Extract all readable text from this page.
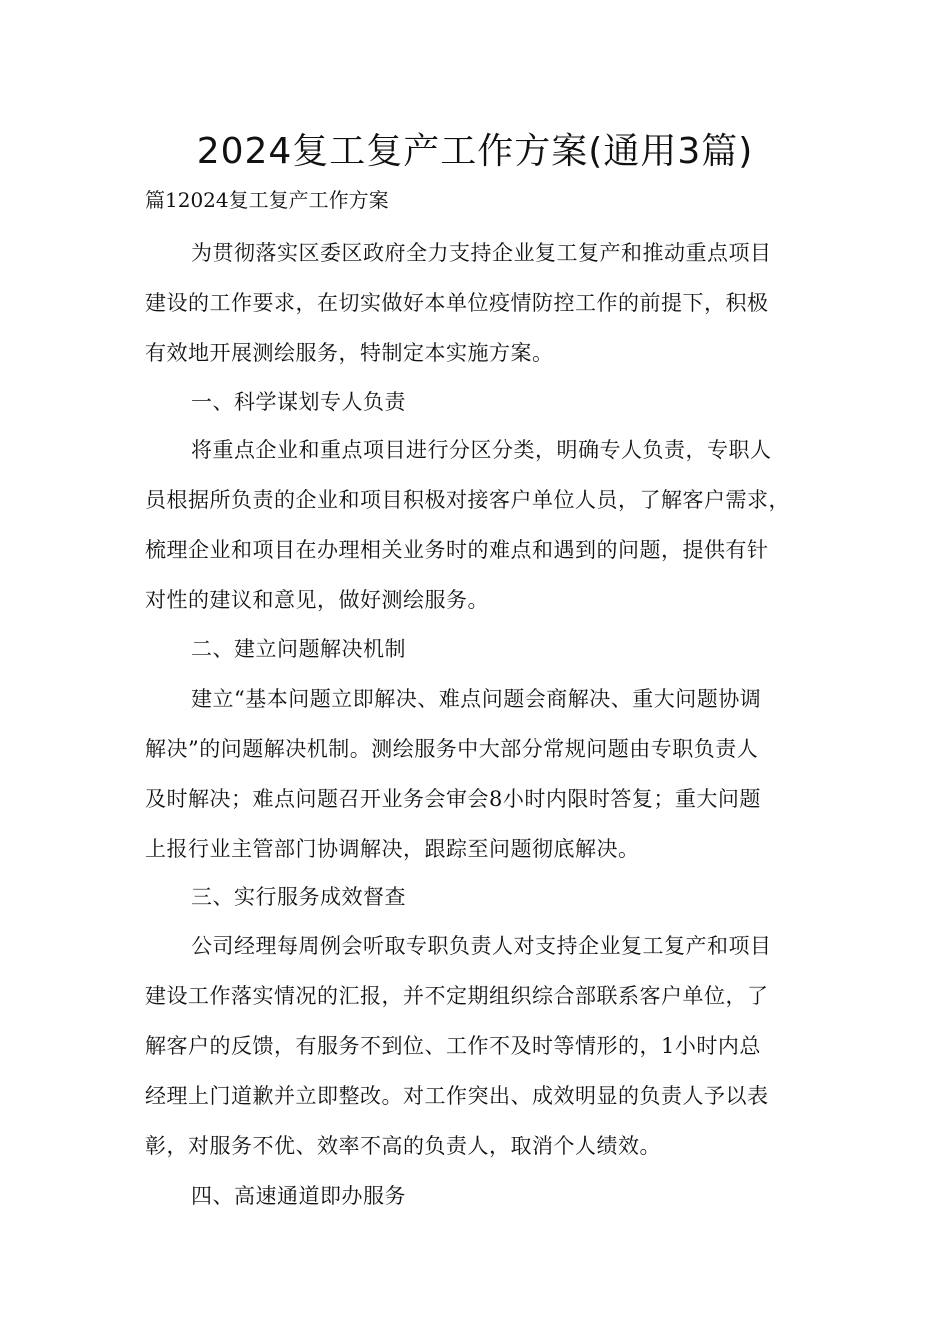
2024复工复产工作方案(通用3篇)
篇12024复工复产工作方案
为贯彻落实区委区政府全力支持企业复工复产和推动重点项目
建设的工作要求，在切实做好本单位疫情防控工作的前提下，积极
有效地开展测绘服务，特制定本实施方案。
一、科学谋划专人负责
将重点企业和重点项目进行分区分类，明确专人负责，专职人
员根据所负责的企业和项目积极对接客户单位人员，了解客户需求，
梳理企业和项目在办理相关业务时的难点和遇到的问题，提供有针
对性的建议和意见，做好测绘服务。
二、建立问题解决机制
建立“基本问题立即解决、难点问题会商解决、重大问题协调
解决”的问题解决机制。测绘服务中大部分常规问题由专职负责人
及时解决；难点问题召开业务会审会8小时内限时答复；重大问题
上报行业主管部门协调解决，跟踪至问题彻底解决。
三、实行服务成效督查
公司经理每周例会听取专职负责人对支持企业复工复产和项目
建设工作落实情况的汇报，并不定期组织综合部联系客户单位，了
解客户的反馈，有服务不到位、工作不及时等情形的，1小时内总
经理上门道歉并立即整改。对工作突出、成效明显的负责人予以表
彰，对服务不优、效率不高的负责人，取消个人绩效。
四、高速通道即办服务
